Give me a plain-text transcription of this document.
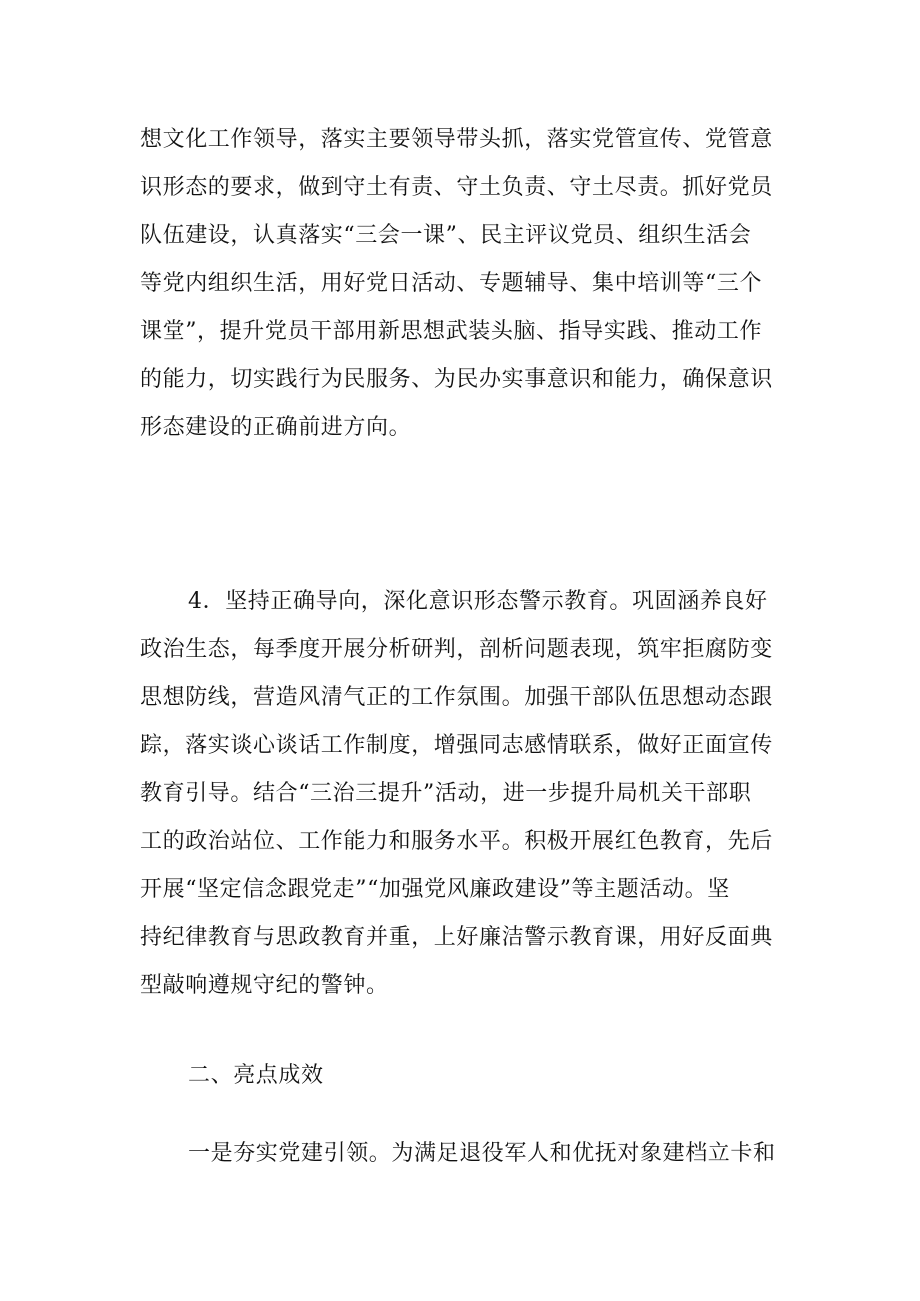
想文化工作领导，落实主要领导带头抓，落实党管宣传、党管意
识形态的要求，做到守土有责、守土负责、守土尽责。抓好党员
队伍建设，认真落实“三会一课”、民主评议党员、组织生活会
等党内组织生活，用好党日活动、专题辅导、集中培训等“三个
课堂”，提升党员干部用新思想武装头脑、指导实践、推动工作
的能力，切实践行为民服务、为民办实事意识和能力，确保意识
形态建设的正确前进方向。
4．坚持正确导向，深化意识形态警示教育。巩固涵养良好
政治生态，每季度开展分析研判，剖析问题表现，筑牢拒腐防变
思想防线，营造风清气正的工作氛围。加强干部队伍思想动态跟
踪，落实谈心谈话工作制度，增强同志感情联系，做好正面宣传
教育引导。结合“三治三提升”活动，进一步提升局机关干部职
工的政治站位、工作能力和服务水平。积极开展红色教育，先后
开展“坚定信念跟党走”“加强党风廉政建设”等主题活动。坚
持纪律教育与思政教育并重，上好廉洁警示教育课，用好反面典
型敲响遵规守纪的警钟。
二、亮点成效
一是夯实党建引领。为满足退役军人和优抚对象建档立卡和
